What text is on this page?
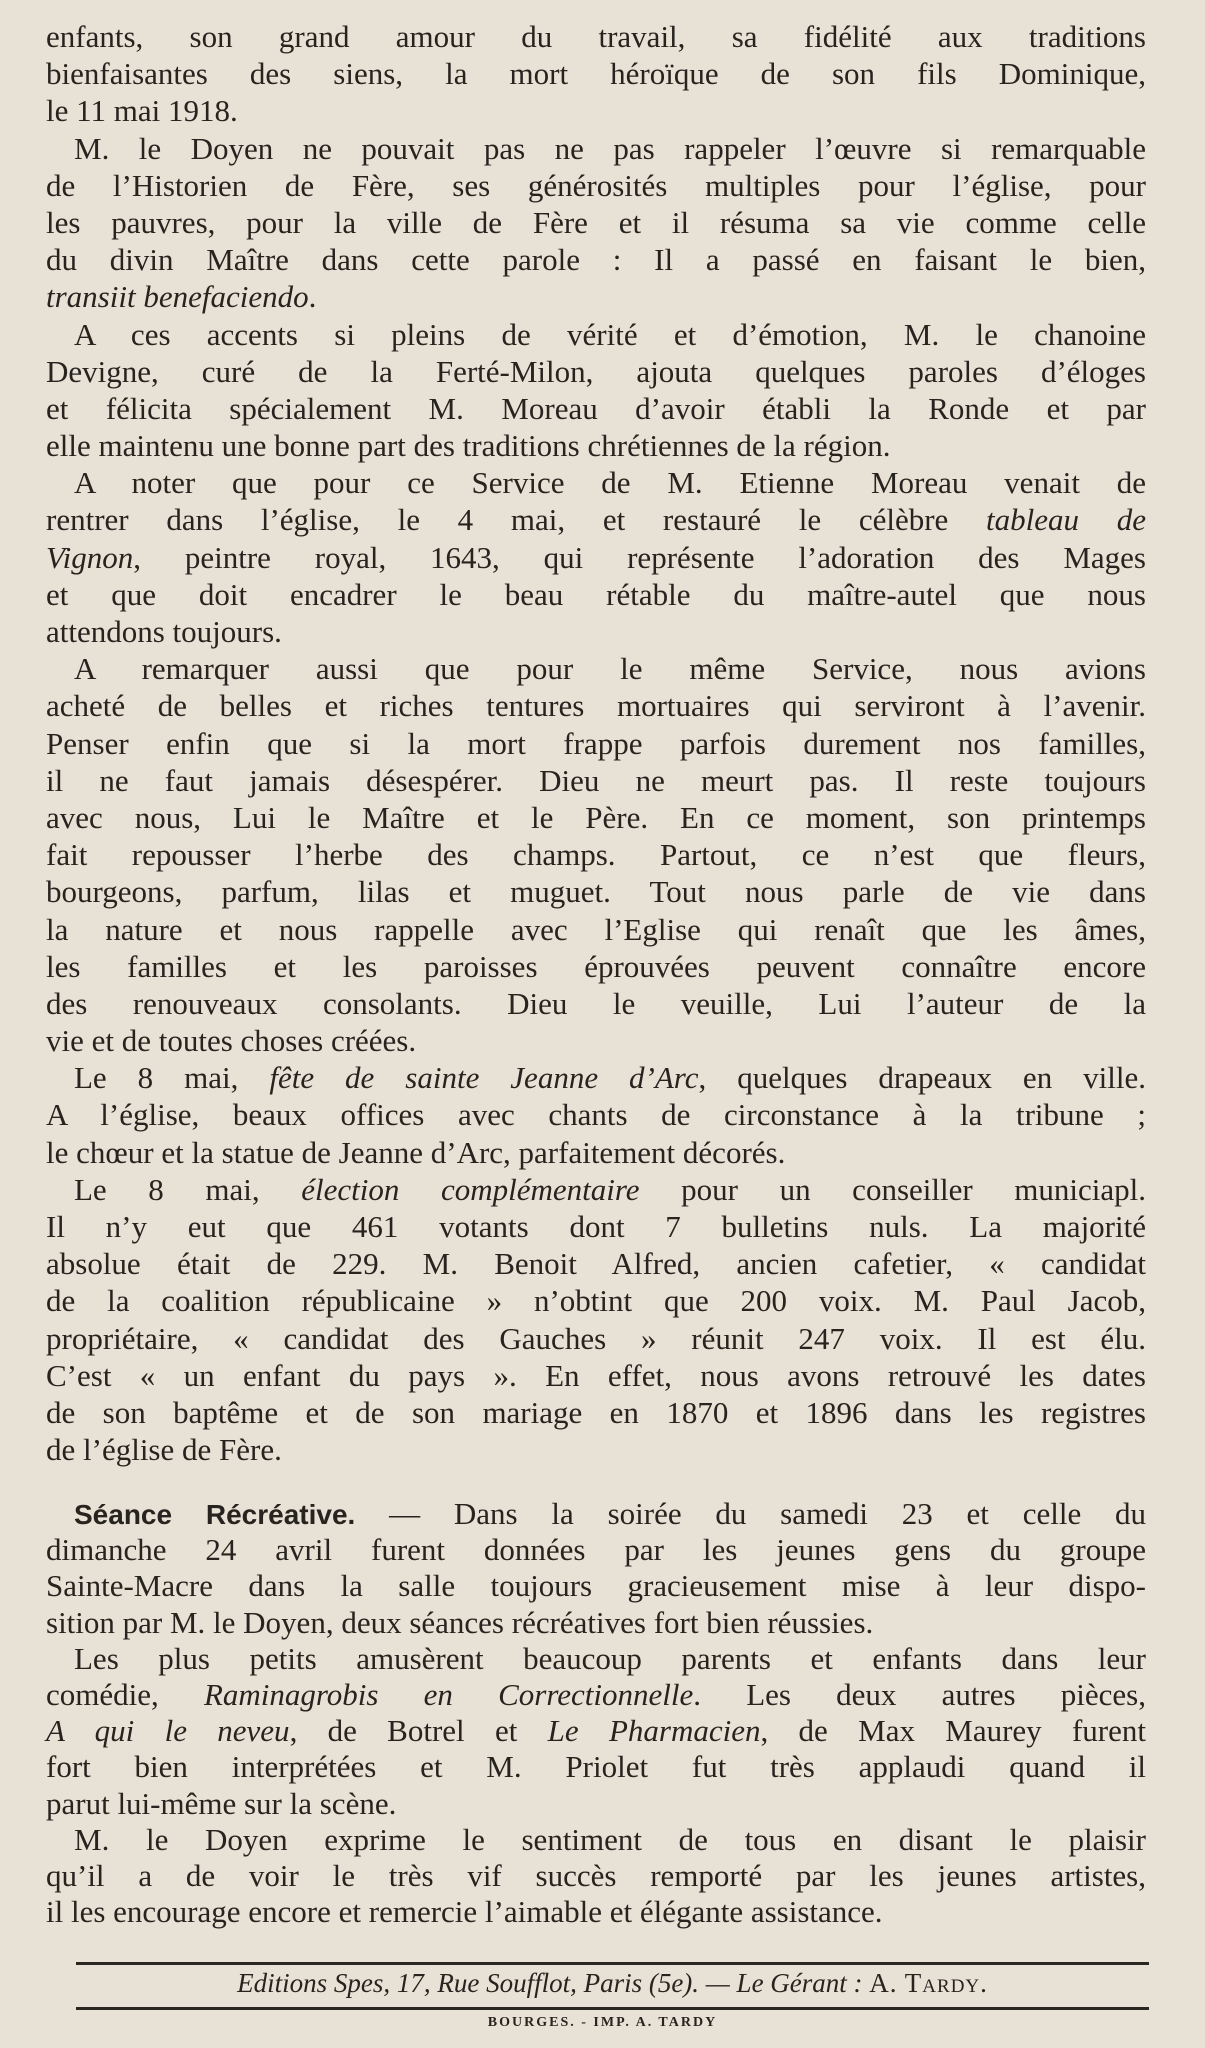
enfants, son grand amour du travail, sa fidélité aux traditions
bienfaisantes des siens, la mort héroïque de son fils Dominique,
le 11 mai 1918.
M. le Doyen ne pouvait pas ne pas rappeler l’œuvre si remarquable
de l’Historien de Fère, ses générosités multiples pour l’église, pour
les pauvres, pour la ville de Fère et il résuma sa vie comme celle
du divin Maître dans cette parole : Il a passé en faisant le bien,
transiit benefaciendo.
A ces accents si pleins de vérité et d’émotion, M. le chanoine
Devigne, curé de la Ferté-Milon, ajouta quelques paroles d’éloges
et félicita spécialement M. Moreau d’avoir établi la Ronde et par
elle maintenu une bonne part des traditions chrétiennes de la région.
A noter que pour ce Service de M. Etienne Moreau venait de
rentrer dans l’église, le 4 mai, et restauré le célèbre tableau de
Vignon, peintre royal, 1643, qui représente l’adoration des Mages
et que doit encadrer le beau rétable du maître-autel que nous
attendons toujours.
A remarquer aussi que pour le même Service, nous avions
acheté de belles et riches tentures mortuaires qui serviront à l’avenir.
Penser enfin que si la mort frappe parfois durement nos familles,
il ne faut jamais désespérer. Dieu ne meurt pas. Il reste toujours
avec nous, Lui le Maître et le Père. En ce moment, son printemps
fait repousser l’herbe des champs. Partout, ce n’est que fleurs,
bourgeons, parfum, lilas et muguet. Tout nous parle de vie dans
la nature et nous rappelle avec l’Eglise qui renaît que les âmes,
les familles et les paroisses éprouvées peuvent connaître encore
des renouveaux consolants. Dieu le veuille, Lui l’auteur de la
vie et de toutes choses créées.
Le 8 mai, fête de sainte Jeanne d’Arc, quelques drapeaux en ville.
A l’église, beaux offices avec chants de circonstance à la tribune ;
le chœur et la statue de Jeanne d’Arc, parfaitement décorés.
Le 8 mai, élection complémentaire pour un conseiller municiapl.
Il n’y eut que 461 votants dont 7 bulletins nuls. La majorité
absolue était de 229. M. Benoit Alfred, ancien cafetier, « candidat
de la coalition républicaine » n’obtint que 200 voix. M. Paul Jacob,
propriétaire, « candidat des Gauches » réunit 247 voix. Il est élu.
C’est « un enfant du pays ». En effet, nous avons retrouvé les dates
de son baptême et de son mariage en 1870 et 1896 dans les registres
de l’église de Fère.
Séance Récréative. — Dans la soirée du samedi 23 et celle du
dimanche 24 avril furent données par les jeunes gens du groupe
Sainte-Macre dans la salle toujours gracieusement mise à leur dispo-
sition par M. le Doyen, deux séances récréatives fort bien réussies.
Les plus petits amusèrent beaucoup parents et enfants dans leur
comédie, Raminagrobis en Correctionnelle. Les deux autres pièces,
A qui le neveu, de Botrel et Le Pharmacien, de Max Maurey furent
fort bien interprétées et M. Priolet fut très applaudi quand il
parut lui-même sur la scène.
M. le Doyen exprime le sentiment de tous en disant le plaisir
qu’il a de voir le très vif succès remporté par les jeunes artistes,
il les encourage encore et remercie l’aimable et élégante assistance.
Editions Spes, 17, Rue Soufflot, Paris (5e). — Le Gérant : A. Tardy.
BOURGES. - IMP. A. TARDY
